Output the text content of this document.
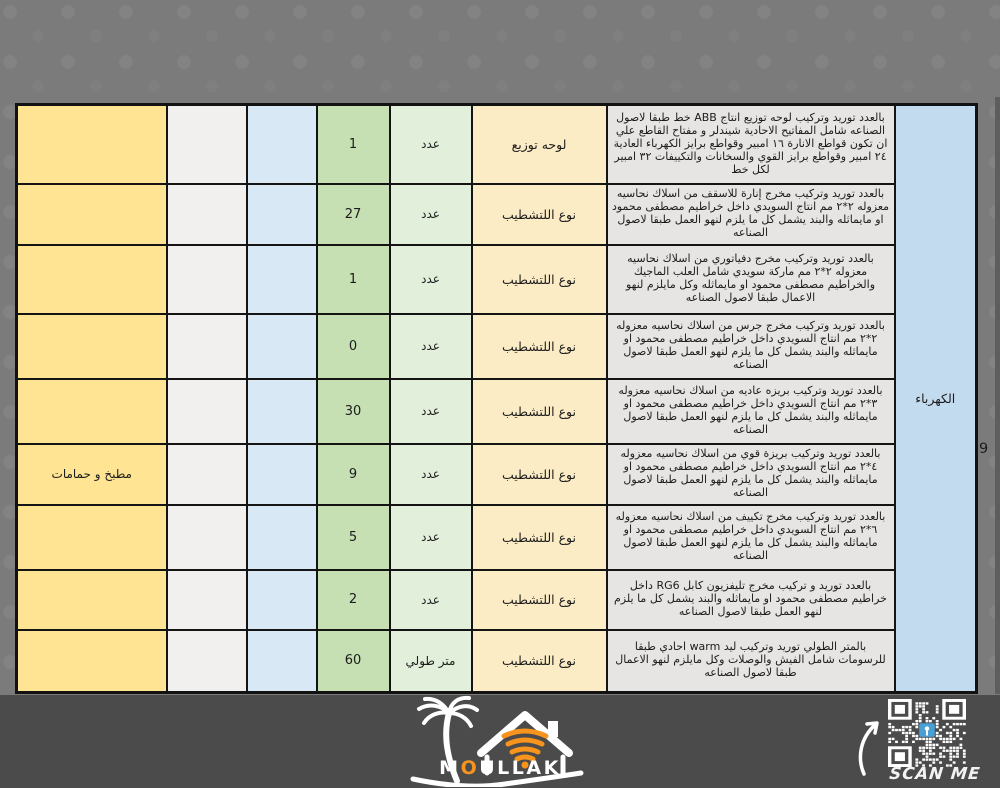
الكهرباء	بالعدد توريد وتركيب لوحه توزيع انتاج ABB خط طبقا لاصول الصناعه شامل المفاتيح الاحادية شيندلر و مفتاح القاطع علي ان تكون قواطع الانارة ١٦ امبير وقواطع برايز الكهرباء العادية ٢٤ امبير وقواطع برايز القوي والسخانات والتكييفات ٣٢ امبير لكل خط	لوحه توزيع	عدد	1			
	بالعدد توريد وتركيب مخرج إنارة للاسقف من اسلاك نحاسيه معزوله ٢*٢ مم انتاج السويدي داخل خراطيم مصطفى محمود او مايماثله والبند يشمل كل ما يلزم لنهو العمل طبقا لاصول الصناعه	نوع اللتشطيب	عدد	27			
	بالعدد توريد وتركيب مخرج دفياتوري من اسلاك نحاسيه معزوله ٢*٢ مم ماركة سويدي شامل العلب الماجيك والخراطيم مصطفى محمود او مايماثله وكل مايلزم لنهو الاعمال طبقا لاصول الصناعه	نوع اللتشطيب	عدد	1			
	بالعدد توريد وتركيب مخرج جرس من اسلاك نحاسيه معزوله ٢*٢ مم انتاج السويدي داخل خراطيم مصطفى محمود او مايماثله والبند يشمل كل ما يلزم لنهو العمل طبقا لاصول الصناعه	نوع اللتشطيب	عدد	0			
	بالعدد توريد وتركيب بريزه عاديه من اسلاك نحاسيه معزوله ٣*٢ مم انتاج السويدي داخل خراطيم مصطفى محمود او مايماثله والبند يشمل كل ما يلزم لنهو العمل طبقا لاصول الصناعه	نوع اللتشطيب	عدد	30			
	بالعدد توريد وتركيب بريزة قوي من اسلاك نحاسيه معزوله ٤*٢ مم انتاج السويدي داخل خراطيم مصطفى محمود او مايماثله والبند يشمل كل ما يلزم لنهو العمل طبقا لاصول الصناعه	نوع اللتشطيب	عدد	9			مطبخ و حمامات
	بالعدد توريد وتركيب مخرج تكييف من اسلاك نحاسيه معزوله ٦*٢ مم انتاج السويدي داخل خراطيم مصطفى محمود او مايماثله والبند يشمل كل ما يلزم لنهو العمل طبقا لاصول الصناعه	نوع اللتشطيب	عدد	5			
	بالعدد توريد و تركيب مخرج تليفزيون كابل RG6 داخل خراطيم مصطفى محمود او مايماثله والبند يشمل كل ما يلزم لنهو العمل طبقا لاصول الصناعه	نوع اللتشطيب	عدد	2			
	بالمتر الطولي توريد وتركيب ليد warm احادي طبقا للرسومات شامل الفيش والوصلات وكل مايلزم لنهو الاعمال طبقا لاصول الصناعه	نوع اللتشطيب	متر طولي	60			
9
MOULLAK	SCAN ME
